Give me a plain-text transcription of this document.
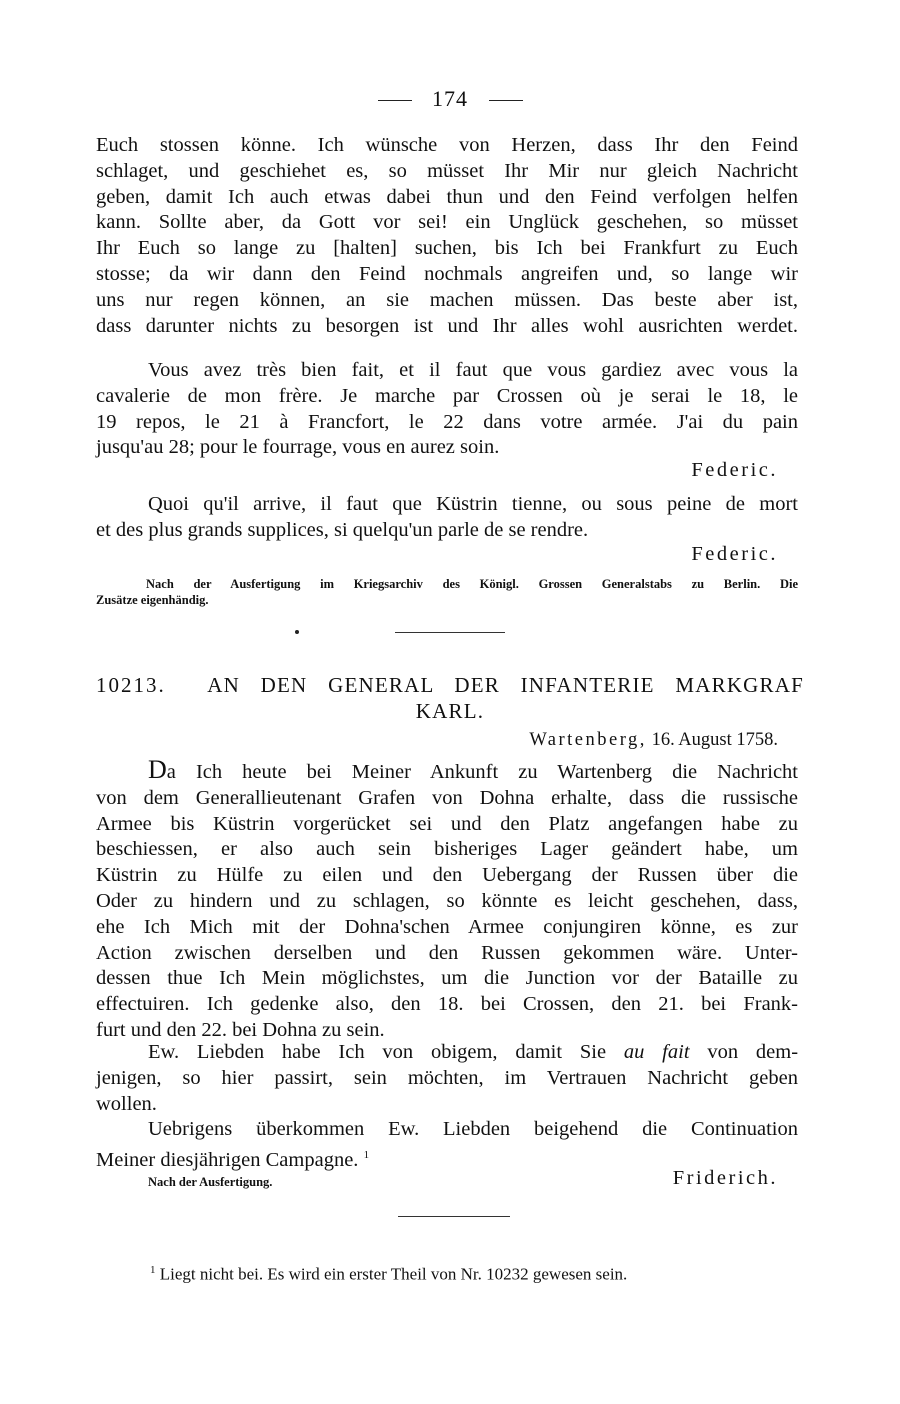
174
Euch stossen könne. Ich wünsche von Herzen, dass Ihr den Feind
schlaget, und geschiehet es, so müsset Ihr Mir nur gleich Nachricht
geben, damit Ich auch etwas dabei thun und den Feind verfolgen helfen
kann. Sollte aber, da Gott vor sei! ein Unglück geschehen, so müsset
Ihr Euch so lange zu [halten] suchen, bis Ich bei Frankfurt zu Euch
stosse; da wir dann den Feind nochmals angreifen und, so lange wir
uns nur regen können, an sie machen müssen. Das beste aber ist,
dass darunter nichts zu besorgen ist und Ihr alles wohl ausrichten werdet.
Vous avez très bien fait, et il faut que vous gardiez avec vous la
cavalerie de mon frère. Je marche par Crossen où je serai le 18, le
19 repos, le 21 à Francfort, le 22 dans votre armée. J'ai du pain
jusqu'au 28; pour le fourrage, vous en aurez soin.
Federic.
Quoi qu'il arrive, il faut que Küstrin tienne, ou sous peine de mort
et des plus grands supplices, si quelqu'un parle de se rendre.
Federic.
Nach der Ausfertigung im Kriegsarchiv des Königl. Grossen Generalstabs zu Berlin. Die
Zusätze eigenhändig.
10213. AN DEN GENERAL DER INFANTERIE MARKGRAF
KARL.
Wartenberg, 16. August 1758.
Da Ich heute bei Meiner Ankunft zu Wartenberg die Nachricht
von dem Generallieutenant Grafen von Dohna erhalte, dass die russische
Armee bis Küstrin vorgerücket sei und den Platz angefangen habe zu
beschiessen, er also auch sein bisheriges Lager geändert habe, um
Küstrin zu Hülfe zu eilen und den Uebergang der Russen über die
Oder zu hindern und zu schlagen, so könnte es leicht geschehen, dass,
ehe Ich Mich mit der Dohna'schen Armee conjungiren könne, es zur
Action zwischen derselben und den Russen gekommen wäre. Unter-
dessen thue Ich Mein möglichstes, um die Junction vor der Bataille zu
effectuiren. Ich gedenke also, den 18. bei Crossen, den 21. bei Frank-
furt und den 22. bei Dohna zu sein.
Ew. Liebden habe Ich von obigem, damit Sie au fait von dem-
jenigen, so hier passirt, sein möchten, im Vertrauen Nachricht geben
wollen.
Uebrigens überkommen Ew. Liebden beigehend die Continuation
Meiner diesjährigen Campagne. $^1$
Nach der Ausfertigung.	Friderich.
$^1$ Liegt nicht bei. Es wird ein erster Theil von Nr. 10232 gewesen sein.
